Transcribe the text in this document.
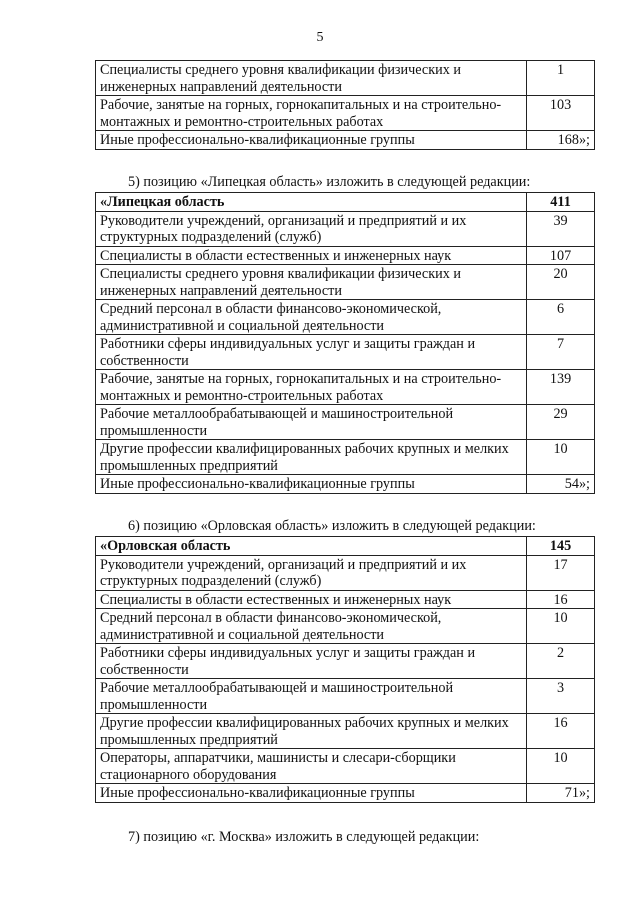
5
Специалисты среднего уровня квалификации физических и инженерных направлений деятельности	1
Рабочие, занятые на горных, горнокапитальных и на строительно-монтажных и ремонтно-строительных работах	103
Иные профессионально-квалификационные группы	168»;
5) позицию «Липецкая область» изложить в следующей редакции:
«Липецкая область	411
Руководители учреждений, организаций и предприятий и их структурных подразделений (служб)	39
Специалисты в области естественных и инженерных наук	107
Специалисты среднего уровня квалификации физических и инженерных направлений деятельности	20
Средний персонал в области финансово-экономической, административной и социальной деятельности	6
Работники сферы индивидуальных услуг и защиты граждан и собственности	7
Рабочие, занятые на горных, горнокапитальных и на строительно-монтажных и ремонтно-строительных работах	139
Рабочие металлообрабатывающей и машиностроительной промышленности	29
Другие профессии квалифицированных рабочих крупных и мелких промышленных предприятий	10
Иные профессионально-квалификационные группы	54»;
6) позицию «Орловская область» изложить в следующей редакции:
«Орловская область	145
Руководители учреждений, организаций и предприятий и их структурных подразделений (служб)	17
Специалисты в области естественных и инженерных наук	16
Средний персонал в области финансово-экономической, административной и социальной деятельности	10
Работники сферы индивидуальных услуг и защиты граждан и собственности	2
Рабочие металлообрабатывающей и машиностроительной промышленности	3
Другие профессии квалифицированных рабочих крупных и мелких промышленных предприятий	16
Операторы, аппаратчики, машинисты и слесари-сборщики стационарного оборудования	10
Иные профессионально-квалификационные группы	71»;
7) позицию «г. Москва» изложить в следующей редакции:
